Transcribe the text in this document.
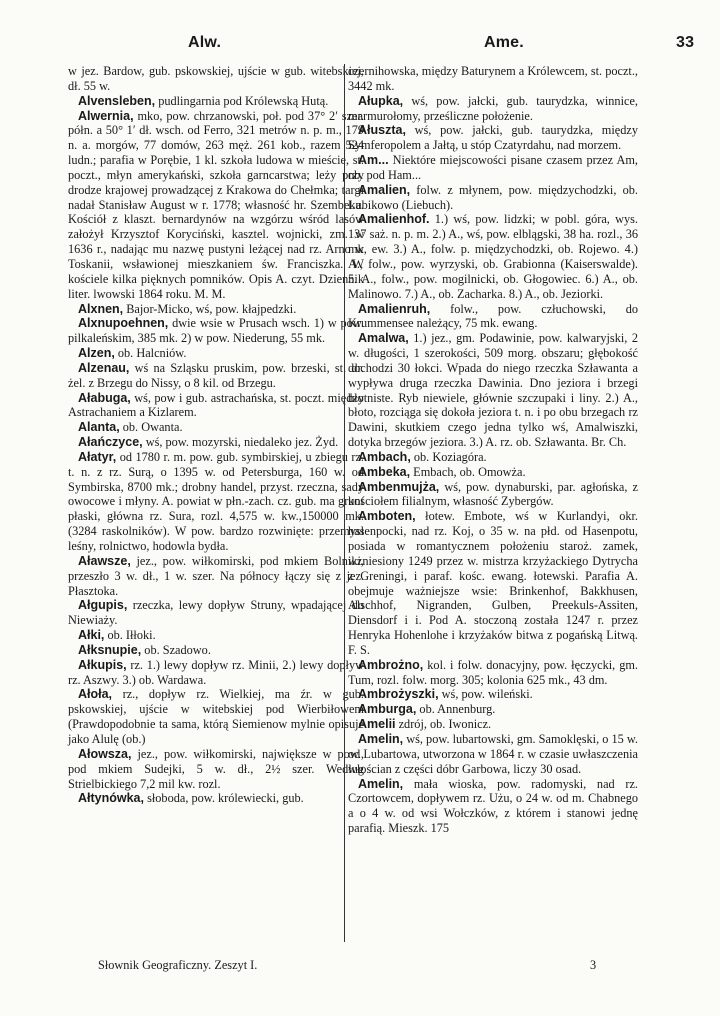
Alw.	Ame.	33

w jez. Bardow, gub. pskowskiej, ujście w gub. witebskiej, dł. 55 w.

Alvensleben, pudlingarnia pod Królewską Hutą.

Alwernia, mko, pow. chrzanowski, poł. pod 37° 2′ szer. półn. a 50° 1′ dł. wsch. od Ferro, 321 metrów n. p. m., 179 n. a. morgów, 77 domów, 263 męż. 261 kob., razem 524 ludn.; parafia w Porębie, 1 kl. szkoła ludowa w mieście, st. poczt., młyn amerykański, szkoła garncarstwa; leży przy drodze krajowej prowadzącej z Krakowa do Chełmka; targi nadał Stanisław August w r. 1778; własność hr. Szembeka. Kościół z klaszt. bernardynów na wzgórzu wśród lasów założył Krzysztof Koryciński, kasztel. wojnicki, zm. w 1636 r., nadając mu nazwę pustyni leżącej nad rz. Arno w Toskanii, wsławionej mieszkaniem św. Franciszka. W kościele kilka pięknych pomników. Opis A. czyt. Dziennik liter. lwowski 1864 roku. M. M.

Alxnen, Bajor-Micko, wś, pow. kłajpedzki.

Alxnupoehnen, dwie wsie w Prusach wsch. 1) w pow. pilkaleńskim, 385 mk. 2) w pow. Niederung, 55 mk.

Alzen, ob. Halcniów.

Alzenau, wś na Szląsku pruskim, pow. brzeski, st. dr. żel. z Brzegu do Nissy, o 8 kil. od Brzegu.

Ałabuga, wś, pow i gub. astrachańska, st. poczt. między Astrachaniem a Kizlarem.

Alanta, ob. Owanta.

Ałańczyce, wś, pow. mozyrski, niedaleko jez. Żyd.

Ałatyr, od 1780 r. m. pow. gub. symbirskiej, u zbiegu rz. t. n. z rz. Surą, o 1395 w. od Petersburga, 160 w. od Symbirska, 8700 mk.; drobny handel, przyst. rzeczna, sady owocowe i młyny. A. powiat w płn.-zach. cz. gub. ma grunt płaski, główna rz. Sura, rozl. 4,575 w. kw.,150000 mk. (3284 raskolników). W pow. bardzo rozwinięte: przemysł leśny, rolnictwo, hodowla bydła.

Aławsze, jez., pow. wiłkomirski, pod mkiem Bolniki, przeszło 3 w. dł., 1 w. szer. Na północy łączy się z jez. Płasztoka.

Ałgupis, rzeczka, lewy dopływ Struny, wpadającej do Niewiaży.

Ałki, ob. Iłłoki.

Ałksnupie, ob. Szadowo.

Ałkupis, rz. 1.) lewy dopływ rz. Minii, 2.) lewy dopływ rz. Aszwy. 3.) ob. Wardawa.

Ałoła, rz., dopływ rz. Wielkiej, ma źr. w gub. pskowskiej, ujście w witebskiej pod Wierbiłowem (Prawdopodobnie ta sama, którą Siemienow mylnie opisuje jako Alulę (ob.)

Ałowsza, jez., pow. wiłkomirski, największe w pow., pod mkiem Sudejki, 5 w. dł., 2½ szer. Według Strielbickiego 7,2 mil kw. rozl.

Ałtynówka, słoboda, pow. królewiecki, gub.

czernihowska, między Baturynem a Królewcem, st. poczt., 3442 mk.

Ałupka, wś, pow. jałcki, gub. taurydzka, winnice, marmurołomy, prześliczne położenie.

Ałuszta, wś, pow. jałcki, gub. taurydzka, między Symferopolem a Jałtą, u stóp Czatyrdahu, nad morzem.

Am... Niektóre miejscowości pisane czasem przez Am, ob. pod Ham...

Amalien, folw. z młynem, pow. międzychodzki, ob. Lubikowo (Liebuch).

Amalienhof. 1.) wś, pow. lidzki; w pobl. góra, wys. 137 saż. n. p. m. 2.) A., wś, pow. elblągski, 38 ha. rozl., 36 mk, ew. 3.) A., folw. p. międzychodzki, ob. Rojewo. 4.) A., folw., pow. wyrzyski, ob. Grabionna (Kaiserswalde). 5. A., folw., pow. mogilnicki, ob. Głogowiec. 6.) A., ob. Malinowo. 7.) A., ob. Zacharka. 8.) A., ob. Jeziorki.

Amalienruh, folw., pow. człuchowski, do Krummensee należący, 75 mk. ewang.

Amalwa, 1.) jez., gm. Podawinie, pow. kalwaryjski, 2 w. długości, 1 szerokości, 509 morg. obszaru; głębokość dochodzi 30 łokci. Wpada do niego rzeczka Szławanta a wypływa druga rzeczka Dawinia. Dno jeziora i brzegi błotniste. Ryb niewiele, głównie szczupaki i liny. 2.) A., błoto, rozciąga się dokoła jeziora t. n. i po obu brzegach rz Dawini, skutkiem czego jedna tylko wś, Amalwiszki, dotyka brzegów jeziora. 3.) A. rz. ob. Szławanta. Br. Ch.

Ambach, ob. Koziagóra.

Ambeka, Embach, ob. Omowża.

Ambenmujża, wś, pow. dynaburski, par. agłońska, z kościołem filialnym, własność Zybergów.

Amboten, łotew. Embote, wś w Kurlandyi, okr. hasenpocki, nad rz. Koj, o 35 w. na płd. od Hasenpotu, posiada w romantycznem położeniu staroż. zamek, wzniesiony 1249 przez w. mistrza krzyżackiego Dytrycha z Greningi, i paraf. kośc. ewang. łotewski. Parafia A. obejmuje ważniejsze wsie: Brinkenhof, Bakkhusen, Alschhof, Nigranden, Gulben, Preekuls-Assiten, Diensdorf i i. Pod A. stoczoną została 1247 r. przez Henryka Hohenlohe i krzyżaków bitwa z pogańską Litwą. F. S.

Ambrożno, kol. i folw. donacyjny, pow. łęczycki, gm. Tum, rozl. folw. morg. 305; kolonia 625 mk., 43 dm.

Ambrożyszki, wś, pow. wileński.

Amburga, ob. Annenburg.

Amelii zdrój, ob. Iwonicz.

Amelin, wś, pow. lubartowski, gm. Samoklęski, o 15 w. od Lubartowa, utworzona w 1864 r. w czasie uwłaszczenia włościan z części dóbr Garbowa, liczy 30 osad.

Amelin, mała wioska, pow. radomyski, nad rz. Czortowcem, dopływem rz. Użu, o 24 w. od m. Chabnego a o 4 w. od wsi Wołczków, z którem i stanowi jednę parafią. Mieszk. 175

Słownik Geograficzny. Zeszyt I.	3
